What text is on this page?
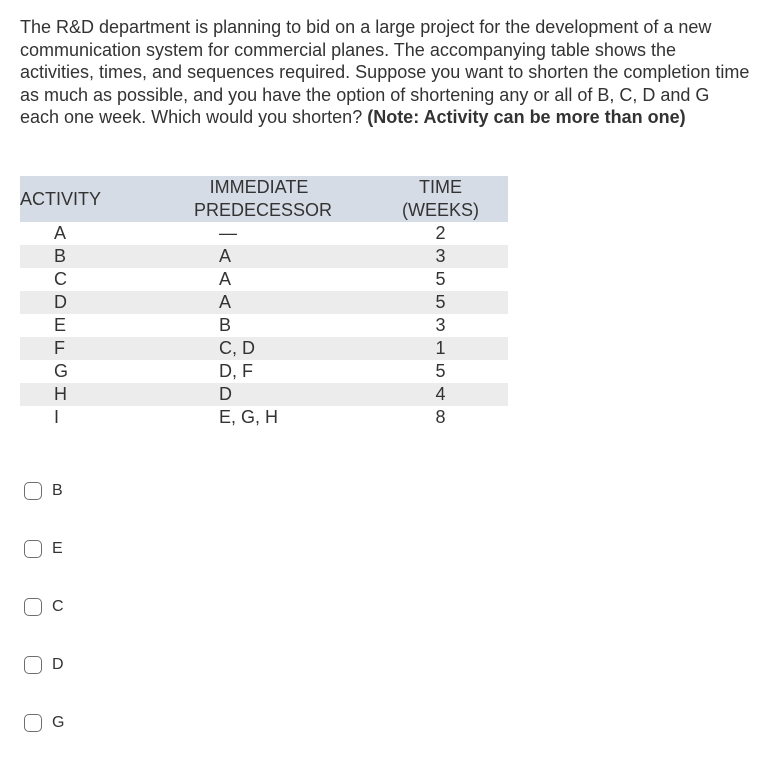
The R&D department is planning to bid on a large project for the development of a new communication system for commercial planes. The accompanying table shows the activities, times, and sequences required. Suppose you want to shorten the completion time as much as possible, and you have the option of shortening any or all of B, C, D and G each one week. Which would you shorten? (Note: Activity can be more than one)
ACTIVITY	IMMEDIATE PREDECESSOR	TIME (WEEKS)

A	—	2
B	A	3
C	A	5
D	A	5
E	B	3
F	C, D	1
G	D, F	5
H	D	4
I	E, G, H	8
B
E
C
D
G
